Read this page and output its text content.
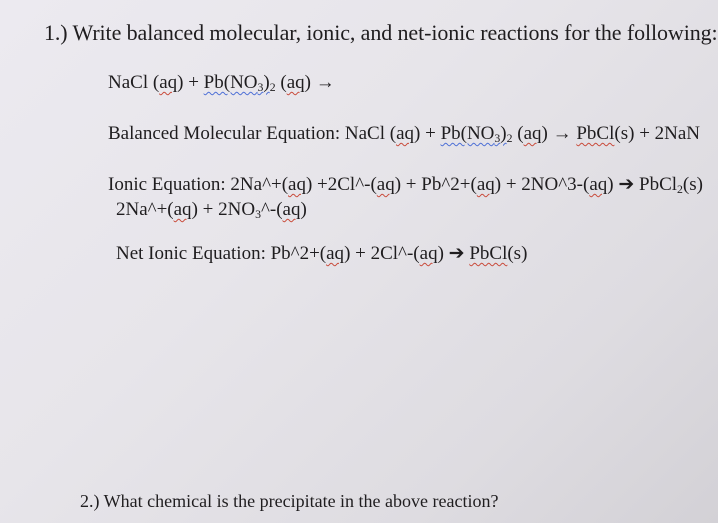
1.) Write balanced molecular, ionic, and net-ionic reactions for the following:
NaCl $(aq) + Pb(NO_3)_2$ (aq) →
Balanced Molecular Equation: NaCl $(aq) + Pb(NO_3)_2$ (aq) → PbCl(s) + 2NaN
Ionic Equation: 2Na^+(aq) +2Cl^-(aq) + Pb^2+(aq) + 2NO^3-(aq) ➔ PbCl$_2$(s)
2Na^+(aq) + $2NO_3\^{}-(aq)$
Net Ionic Equation: Pb^2+(aq) + 2Cl^-(aq) ➔ PbCl(s)
2.) What chemical is the precipitate in the above reaction?
